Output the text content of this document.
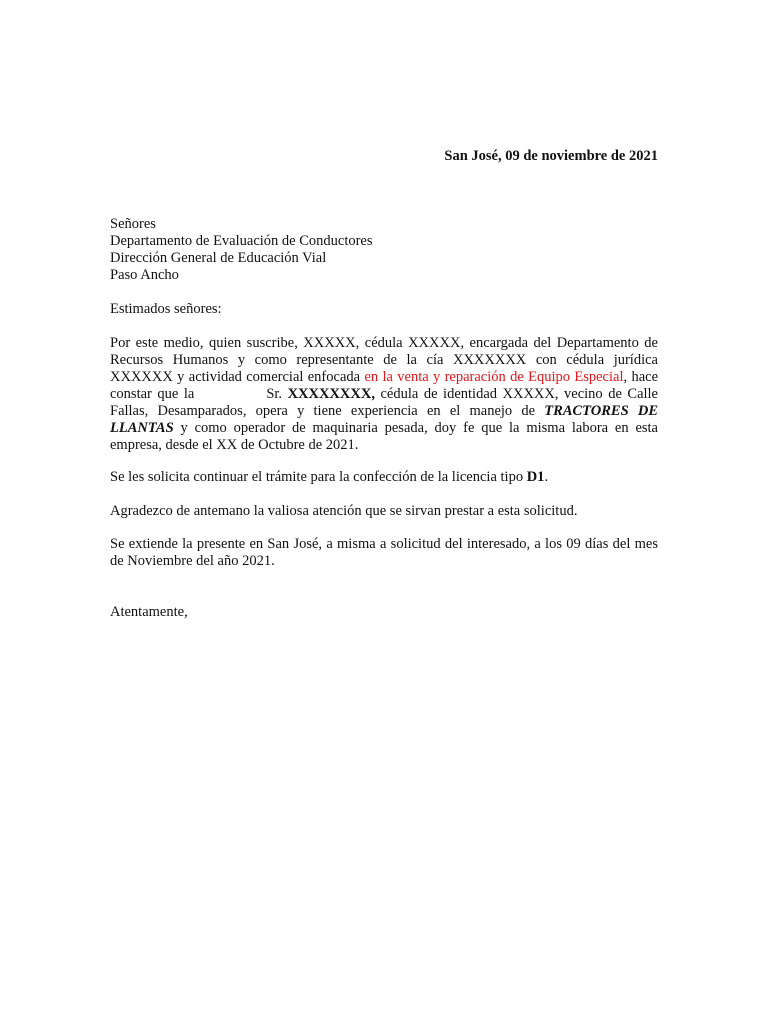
San José, 09 de noviembre de 2021
Señores
Departamento de Evaluación de Conductores
Dirección General de Educación Vial
Paso Ancho
Estimados señores:
Por este medio, quien suscribe, XXXXX, cédula XXXXX, encargada del Departamento de Recursos Humanos y como representante de la cía XXXXXXX con cédula jurídica XXXXXX y actividad comercial enfocada en la venta y reparación de Equipo Especial, hace constar que la	Sr. XXXXXXXX, cédula de identidad XXXXX, vecino de Calle Fallas, Desamparados, opera y tiene experiencia en el manejo de TRACTORES DE LLANTAS y como operador de maquinaria pesada, doy fe que la misma labora en esta empresa, desde el XX de Octubre de 2021.
Se les solicita continuar el trámite para la confección de la licencia tipo D1.
Agradezco de antemano la valiosa atención que se sirvan prestar a esta solicitud.
Se extiende la presente en San José, a misma a solicitud del interesado, a los 09 días del mes de Noviembre del año 2021.
Atentamente,
